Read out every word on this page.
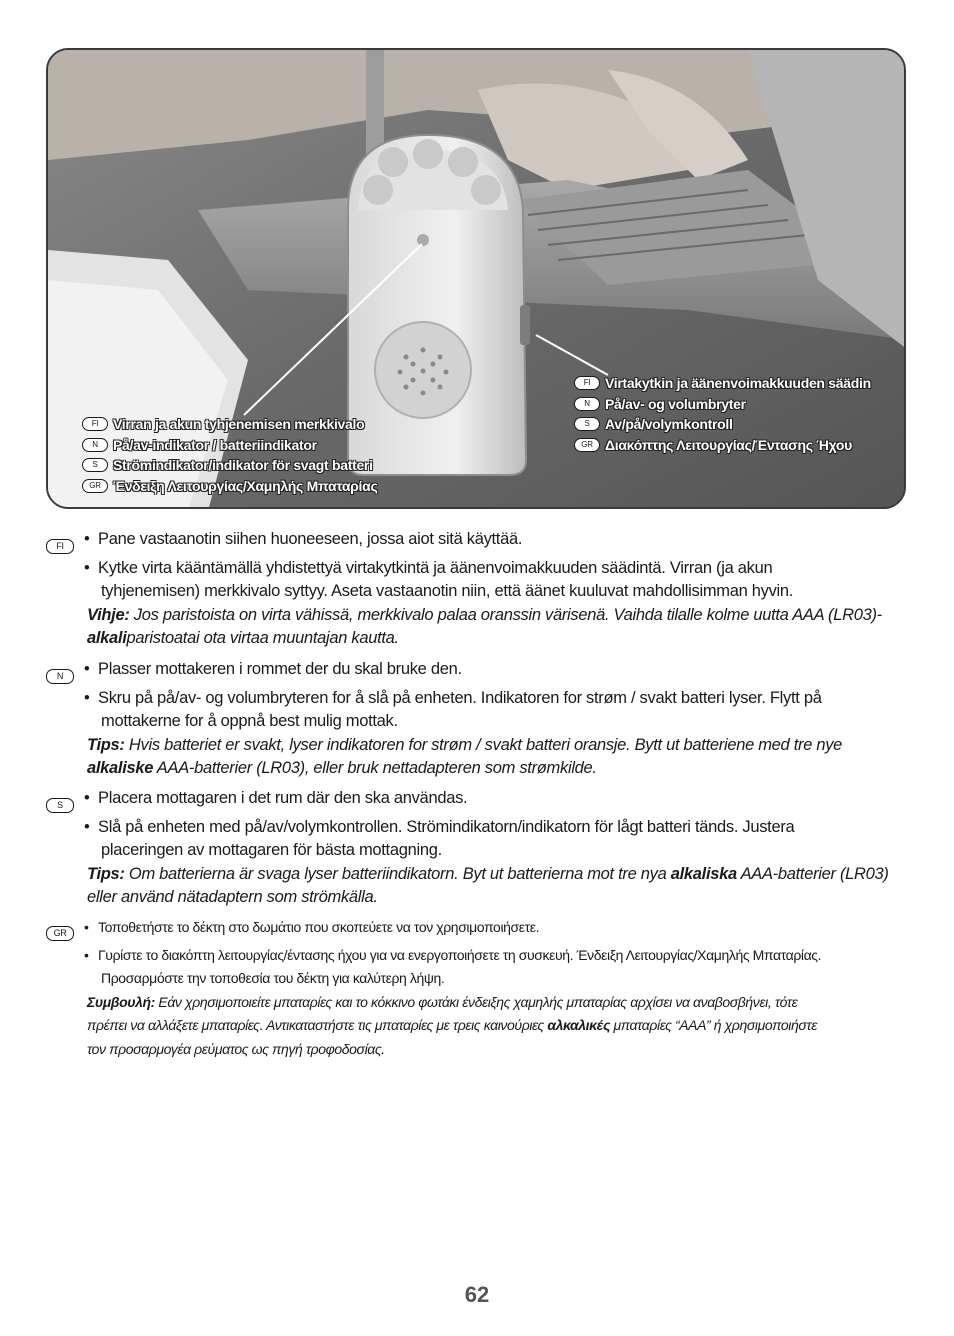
FI	Virran ja akun tyhjenemisen merkkivalo
N	På/av-indikator / batteriindikator
S	Strömindikator/indikator för svagt batteri
GR Ένδειξη Λειτουργίας/Χαμηλής Μπαταρίας
FI	Virtakytkin ja äänenvoimakkuuden säädin
N	På/av- og volumbryter
S	Av/på/volymkontroll
GR Διακόπτης Λειτουργίας/Έντασης Ήχου
FI	• Pane vastaanotin siihen huoneeseen, jossa aiot sitä käyttää.
• Kytke virta kääntämällä yhdistettyä virtakytkintä ja äänenvoimakkuuden säädintä. Virran (ja akun
tyhjenemisen) merkkivalo syttyy. Aseta vastaanotin niin, että äänet kuuluvat mahdollisimman hyvin.
Vihje: Jos paristoista on virta vähissä, merkkivalo palaa oranssin värisenä. Vaihda tilalle kolme uutta AAA (LR03)-
alkaliparistoatai ota virtaa muuntajan kautta.
N	• Plasser mottakeren i rommet der du skal bruke den.
• Skru på på/av- og volumbryteren for å slå på enheten. Indikatoren for strøm / svakt batteri lyser. Flytt på
mottakerne for å oppnå best mulig mottak.
Tips: Hvis batteriet er svakt, lyser indikatoren for strøm / svakt batteri oransje. Bytt ut batteriene med tre nye
alkaliske AAA-batterier (LR03), eller bruk nettadapteren som strømkilde.
S	• Placera mottagaren i det rum där den ska användas.
• Slå på enheten med på/av/volymkontrollen. Strömindikatorn/indikatorn för lågt batteri tänds. Justera
placeringen av mottagaren för bästa mottagning.
Tips: Om batterierna är svaga lyser batteriindikatorn. Byt ut batterierna mot tre nya alkaliska AAA-batterier (LR03)
eller använd nätadaptern som strömkälla.
GR	• Τοποθετήστε το δέκτη στο δωμάτιο που σκοπεύετε να τον χρησιμοποιήσετε.
• Γυρίστε το διακόπτη λειτουργίας/έντασης ήχου για να ενεργοποιήσετε τη συσκευή. Ένδειξη Λειτουργίας/Χαμηλής Μπαταρίας.
Προσαρμόστε την τοποθεσία του δέκτη για καλύτερη λήψη.
Συμβουλή: Εάν χρησιμοποιείτε μπαταρίες και το κόκκινο φωτάκι ένδειξης χαμηλής μπαταρίας αρχίσει να αναβοσβήνει, τότε
πρέπει να αλλάξετε μπαταρίες. Αντικαταστήστε τις μπαταρίες με τρεις καινούριες αλκαλικές μπαταρίες “AAA” ή χρησιμοποιήστε
τον προσαρμογέα ρεύματος ως πηγή τροφοδοσίας.
62
